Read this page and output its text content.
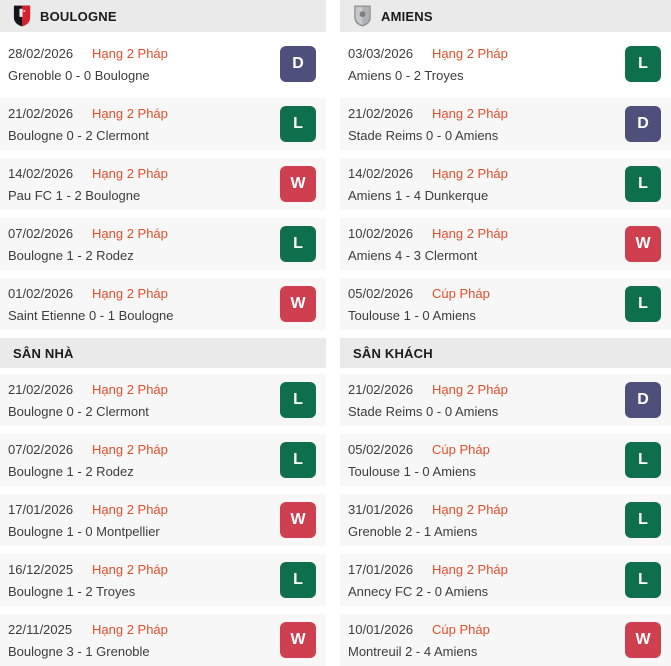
BOULOGNE
28/02/2026	Hạng 2 Pháp
Grenoble 0 - 0 Boulogne
D
21/02/2026	Hạng 2 Pháp
Boulogne 0 - 2 Clermont
L
14/02/2026	Hạng 2 Pháp
Pau FC 1 - 2 Boulogne
W
07/02/2026	Hạng 2 Pháp
Boulogne 1 - 2 Rodez
L
01/02/2026	Hạng 2 Pháp
Saint Etienne 0 - 1 Boulogne
W
SÂN NHÀ
21/02/2026	Hạng 2 Pháp
Boulogne 0 - 2 Clermont
L
07/02/2026	Hạng 2 Pháp
Boulogne 1 - 2 Rodez
L
17/01/2026	Hạng 2 Pháp
Boulogne 1 - 0 Montpellier
W
16/12/2025	Hạng 2 Pháp
Boulogne 1 - 2 Troyes
L
22/11/2025	Hạng 2 Pháp
Boulogne 3 - 1 Grenoble
W
AMIENS
03/03/2026	Hạng 2 Pháp
Amiens 0 - 2 Troyes
L
21/02/2026	Hạng 2 Pháp
Stade Reims 0 - 0 Amiens
D
14/02/2026	Hạng 2 Pháp
Amiens 1 - 4 Dunkerque
L
10/02/2026	Hạng 2 Pháp
Amiens 4 - 3 Clermont
W
05/02/2026	Cúp Pháp
Toulouse 1 - 0 Amiens
L
SÂN KHÁCH
21/02/2026	Hạng 2 Pháp
Stade Reims 0 - 0 Amiens
D
05/02/2026	Cúp Pháp
Toulouse 1 - 0 Amiens
L
31/01/2026	Hạng 2 Pháp
Grenoble 2 - 1 Amiens
L
17/01/2026	Hạng 2 Pháp
Annecy FC 2 - 0 Amiens
L
10/01/2026	Cúp Pháp
Montreuil 2 - 4 Amiens
W
